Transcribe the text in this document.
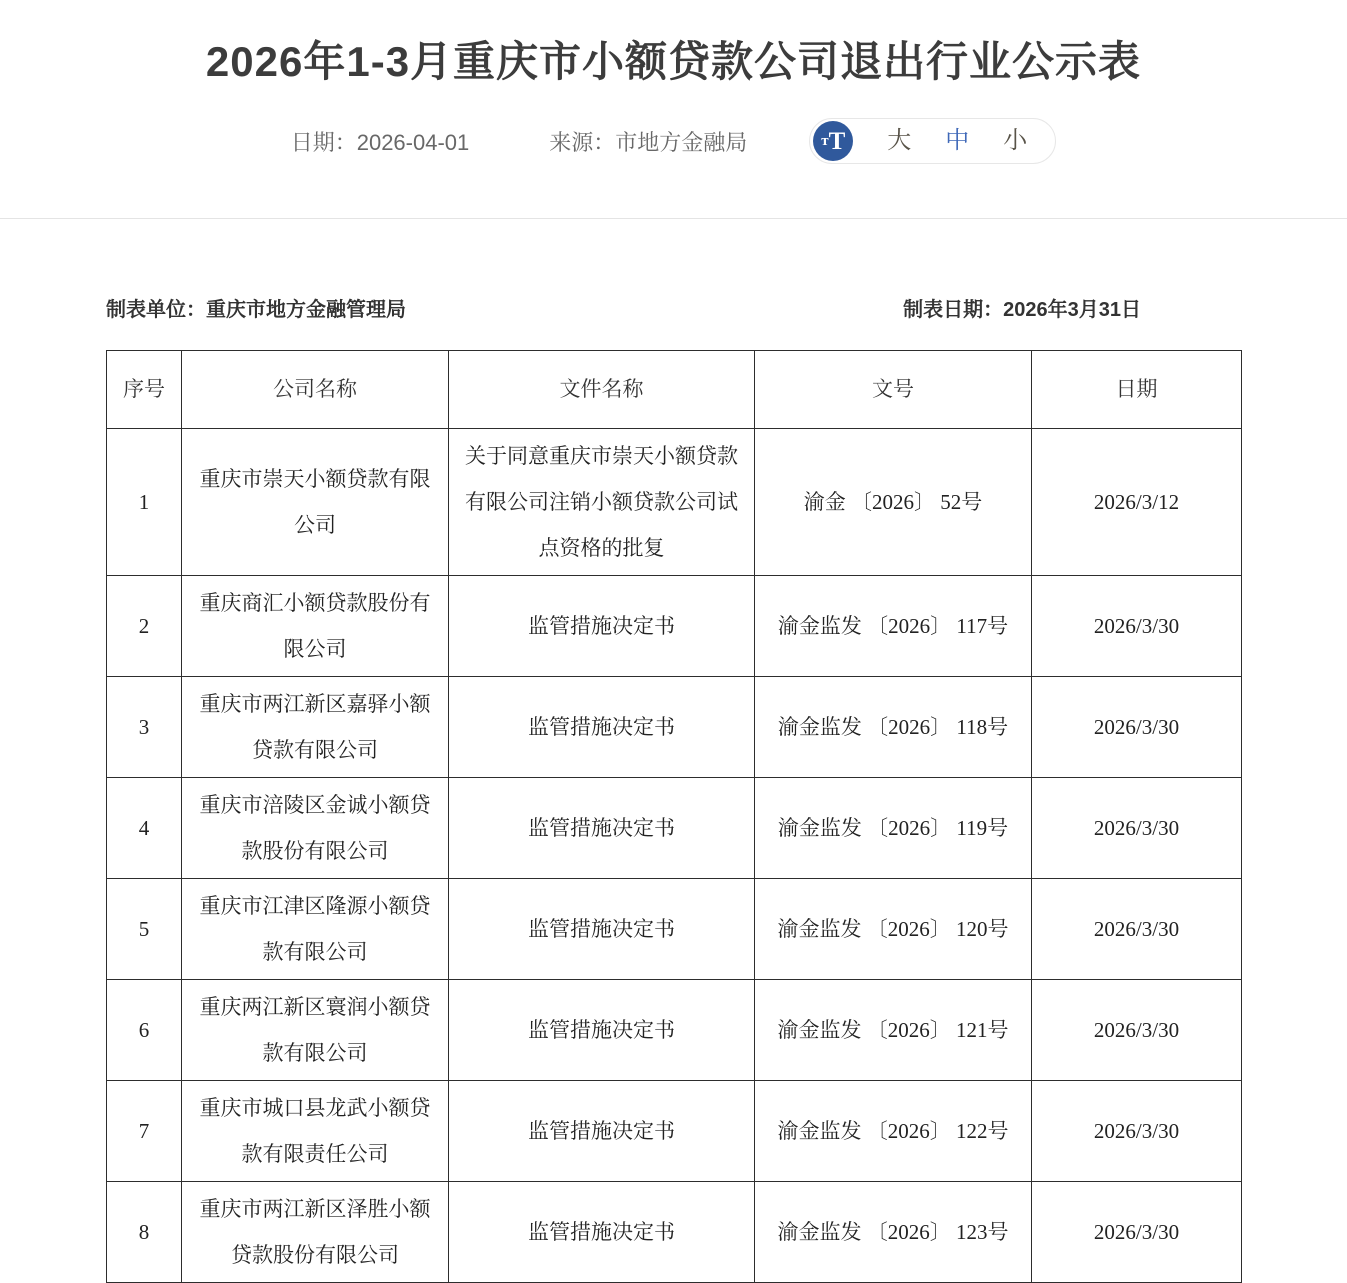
2026年1-3月重庆市小额贷款公司退出行业公示表
日期：2026-04-01	来源：市地方金融局	т T 大 中 小
制表单位：重庆市地方金融管理局	制表日期：2026年3月31日
序号	公司名称	文件名称	文号	日期
1	重庆市崇天小额贷款有限公司	关于同意重庆市崇天小额贷款有限公司注销小额贷款公司试点资格的批复	渝金 〔2026〕 52号	2026/3/12
2	重庆商汇小额贷款股份有限公司	监管措施决定书	渝金监发 〔2026〕 117号	2026/3/30
3	重庆市两江新区嘉驿小额贷款有限公司	监管措施决定书	渝金监发 〔2026〕 118号	2026/3/30
4	重庆市涪陵区金诚小额贷款股份有限公司	监管措施决定书	渝金监发 〔2026〕 119号	2026/3/30
5	重庆市江津区隆源小额贷款有限公司	监管措施决定书	渝金监发 〔2026〕 120号	2026/3/30
6	重庆两江新区寰润小额贷款有限公司	监管措施决定书	渝金监发 〔2026〕 121号	2026/3/30
7	重庆市城口县龙武小额贷款有限责任公司	监管措施决定书	渝金监发 〔2026〕 122号	2026/3/30
8	重庆市两江新区泽胜小额贷款股份有限公司	监管措施决定书	渝金监发 〔2026〕 123号	2026/3/30
